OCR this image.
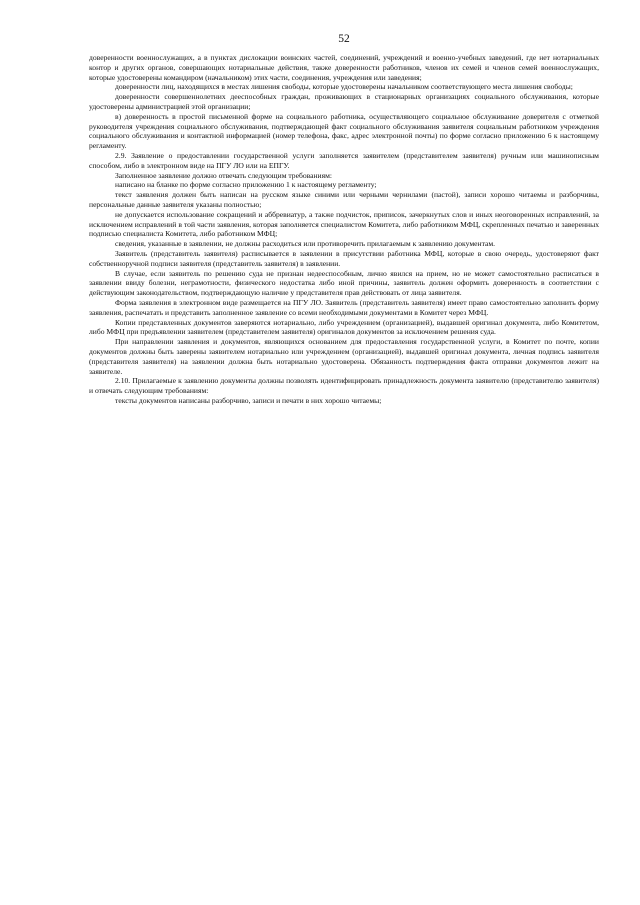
52

доверенности военнослужащих, а в пунктах дислокации воинских частей, соединений, учреждений и военно-учебных заведений, где нет нотариальных контор и других органов, совершающих нотариальные действия, также доверенности работников, членов их семей и членов семей военнослужащих, которые удостоверены командиром (начальником) этих части, соединения, учреждения или заведения;

доверенности лиц, находящихся в местах лишения свободы, которые удостоверены начальником соответствующего места лишения свободы;

доверенности совершеннолетних дееспособных граждан, проживающих в стационарных организациях социального обслуживания, которые удостоверены администрацией этой организации;

в) доверенность в простой письменной форме на социального работника, осуществляющего социальное обслуживание доверителя с отметкой руководителя учреждения социального обслуживания, подтверждающей факт социального обслуживания заявителя социальным работником учреждения социального обслуживания и контактной информацией (номер телефона, факс, адрес электронной почты) по форме согласно приложению 6 к настоящему регламенту.

2.9. Заявление о предоставлении государственной услуги заполняется заявителем (представителем заявителя) ручным или машинописным способом, либо в электронном виде на ПГУ ЛО или на ЕПГУ.

Заполненное заявление должно отвечать следующим требованиям:

написано на бланке по форме согласно приложению 1 к настоящему регламенту;

текст заявления должен быть написан на русском языке синими или черными чернилами (пастой), записи хорошо читаемы и разборчивы, персональные данные заявителя указаны полностью;

не допускается использование сокращений и аббревиатур, а также подчисток, приписок, зачеркнутых слов и иных неоговоренных исправлений, за исключением исправлений в той части заявления, которая заполняется специалистом Комитета, либо работником МФЦ, скрепленных печатью и заверенных подписью специалиста Комитета, либо работником МФЦ;

сведения, указанные в заявлении, не должны расходиться или противоречить прилагаемым к заявлению документам.

Заявитель (представитель заявителя) расписывается в заявлении в присутствии работника МФЦ, которые в свою очередь, удостоверяют факт собственноручной подписи заявителя (представитель заявителя) в заявлении.

В случае, если заявитель по решению суда не признан недееспособным, лично явился на прием, но не может самостоятельно расписаться в заявлении ввиду болезни, неграмотности, физического недостатка либо иной причины, заявитель должен оформить доверенность в соответствии с действующим законодательством, подтверждающую наличие у представителя прав действовать от лица заявителя.

Форма заявления в электронном виде размещается на ПГУ ЛО. Заявитель (представитель заявителя) имеет право самостоятельно заполнить форму заявления, распечатать и представить заполненное заявление со всеми необходимыми документами в Комитет через МФЦ.

Копии представленных документов заверяются нотариально, либо учреждением (организацией), выдавшей оригинал документа, либо Комитетом, либо МФЦ при предъявлении заявителем (представителем заявителя) оригиналов документов за исключением решения суда.

При направлении заявления и документов, являющихся основанием для предоставления государственной услуги, в Комитет по почте, копии документов должны быть заверены заявителем нотариально или учреждением (организацией), выдавшей оригинал документа, личная подпись заявителя (представителя заявителя) на заявлении должна быть нотариально удостоверена. Обязанность подтверждения факта отправки документов лежит на заявителе.

2.10. Прилагаемые к заявлению документы должны позволять идентифицировать принадлежность документа заявителю (представителю заявителя) и отвечать следующим требованиям:

тексты документов написаны разборчиво, записи и печати в них хорошо читаемы;
